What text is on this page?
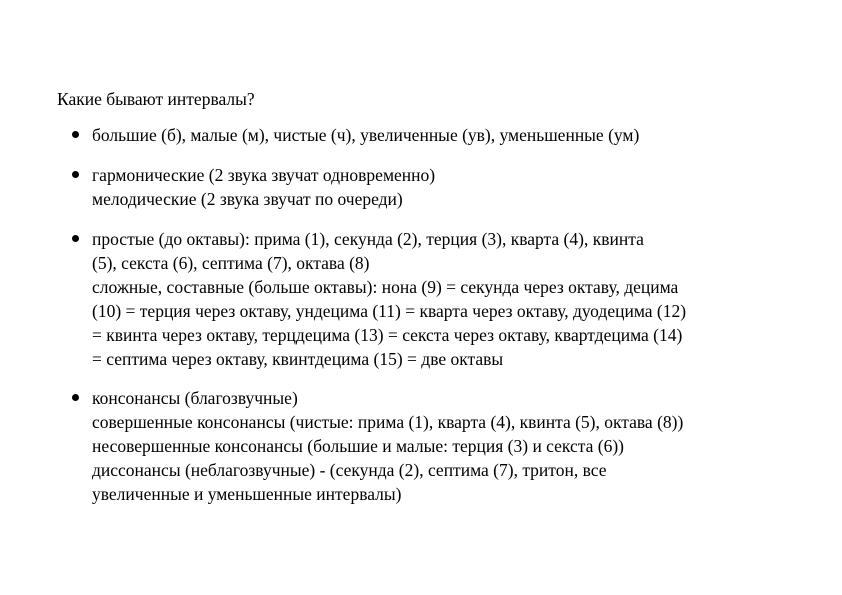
Какие бывают интервалы?
большие (б), малые (м), чистые (ч), увеличенные (ув), уменьшенные (ум)
гармонические (2 звука звучат одновременно)
мелодические (2 звука звучат по очереди)
простые (до октавы): прима (1), секунда (2), терция (3), кварта (4), квинта
(5), секста (6), септима (7), октава (8)
сложные, составные (больше октавы): нона (9) = секунда через октаву, децима
(10) = терция через октаву, ундецима (11) = кварта через октаву, дуодецима (12)
= квинта через октаву, терцдецима (13) = секста через октаву, квартдецима (14)
= септима через октаву, квинтдецима (15) = две октавы
консонансы (благозвучные)
совершенные консонансы (чистые: прима (1), кварта (4), квинта (5), октава (8))
несовершенные консонансы (большие и малые: терция (3) и секста (6))
диссонансы (неблагозвучные) - (секунда (2), септима (7), тритон, все
увеличенные и уменьшенные интервалы)
